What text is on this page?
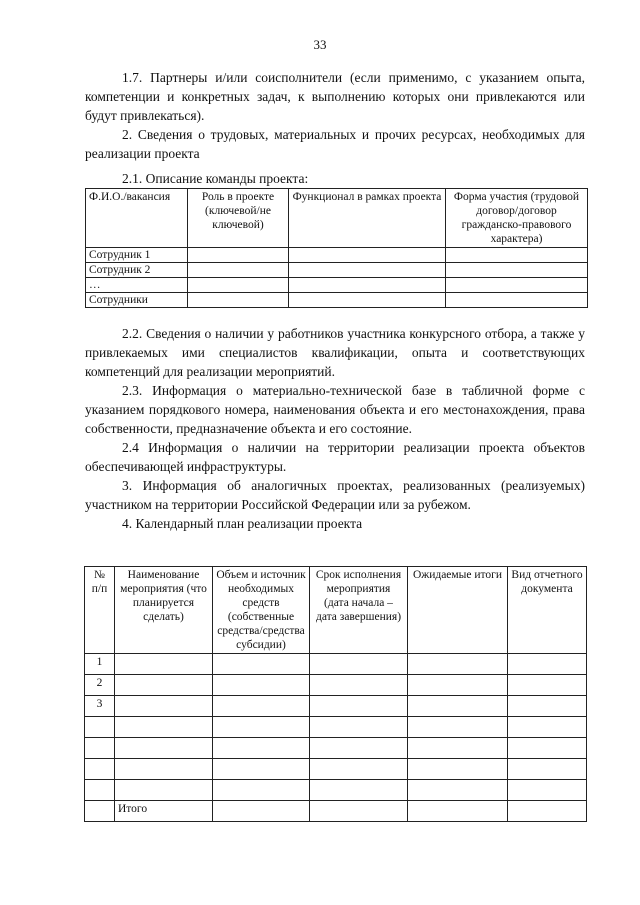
33

1.7. Партнеры и/или соисполнители (если применимо, с указанием опыта, компетенции и конкретных задач, к выполнению которых они привлекаются или будут привлекаться).

2. Сведения о трудовых, материальных и прочих ресурсах, необходимых для реализации проекта

2.1. Описание команды проекта:

Ф.И.О./вакансия	Роль в проекте (ключевой/не ключевой)	Функционал в рамках проекта	Форма участия (трудовой договор/договор гражданско-правового характера)
Сотрудник 1			
Сотрудник 2			
…			
Сотрудники			

2.2. Сведения о наличии у работников участника конкурсного отбора, а также у привлекаемых ими специалистов квалификации, опыта и соответствующих компетенций для реализации мероприятий.

2.3. Информация о материально-технической базе в табличной форме с указанием порядкового номера, наименования объекта и его местонахождения, права собственности, предназначение объекта и его состояние.

2.4 Информация о наличии на территории реализации проекта объектов обеспечивающей инфраструктуры.

3. Информация об аналогичных проектах, реализованных (реализуемых) участником на территории Российской Федерации или за рубежом.

4. Календарный план реализации проекта

№ п/п	Наименование мероприятия (что планируется сделать)	Объем и источник необходимых средств (собственные средства/средства субсидии)	Срок исполнения мероприятия (дата начала – дата завершения)	Ожидаемые итоги	Вид отчетного документа
1					
2					
3					

	Итого				
